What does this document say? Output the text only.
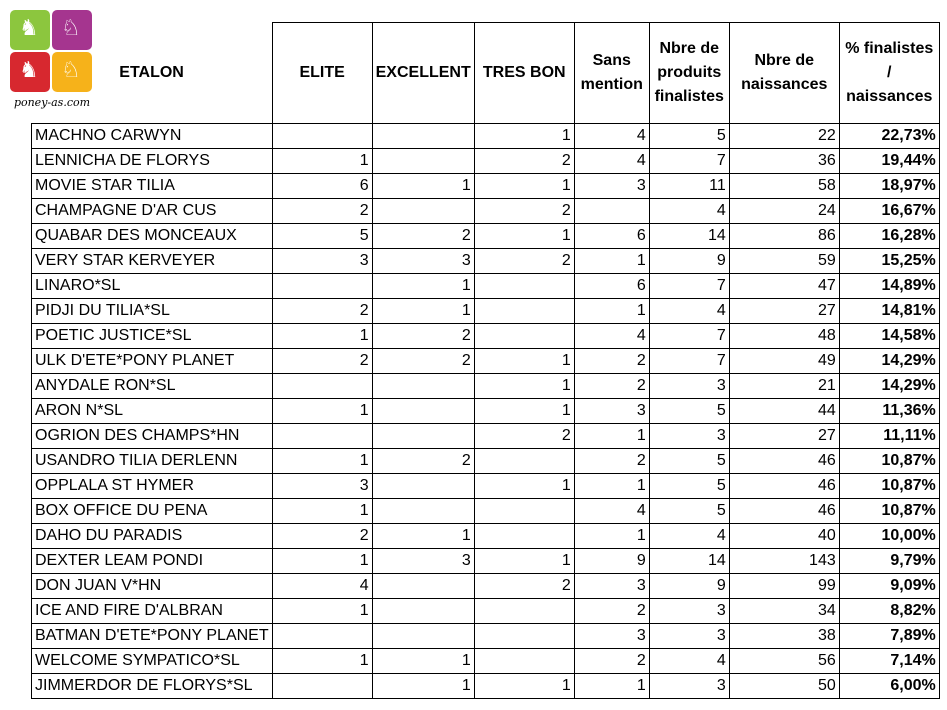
♞ ♘
♞ ♘
poney-as.com
ETALON	ELITE	EXCELLENT	TRES BON	Sans mention	Nbre de produits finalistes	Nbre de naissances	% finalistes / naissances
MACHNO CARWYN			1	4	5	22	22,73%
LENNICHA DE FLORYS	1		2	4	7	36	19,44%
MOVIE STAR TILIA	6	1	1	3	11	58	18,97%
CHAMPAGNE D'AR CUS	2		2		4	24	16,67%
QUABAR DES MONCEAUX	5	2	1	6	14	86	16,28%
VERY STAR KERVEYER	3	3	2	1	9	59	15,25%
LINARO*SL		1		6	7	47	14,89%
PIDJI DU TILIA*SL	2	1		1	4	27	14,81%
POETIC JUSTICE*SL	1	2		4	7	48	14,58%
ULK D'ETE*PONY PLANET	2	2	1	2	7	49	14,29%
ANYDALE RON*SL			1	2	3	21	14,29%
ARON N*SL	1		1	3	5	44	11,36%
OGRION DES CHAMPS*HN			2	1	3	27	11,11%
USANDRO TILIA DERLENN	1	2		2	5	46	10,87%
OPPLALA ST HYMER	3		1	1	5	46	10,87%
BOX OFFICE DU PENA	1			4	5	46	10,87%
DAHO DU PARADIS	2	1		1	4	40	10,00%
DEXTER LEAM PONDI	1	3	1	9	14	143	9,79%
DON JUAN V*HN	4		2	3	9	99	9,09%
ICE AND FIRE D'ALBRAN	1			2	3	34	8,82%
BATMAN D'ETE*PONY PLANET				3	3	38	7,89%
WELCOME SYMPATICO*SL	1	1		2	4	56	7,14%
JIMMERDOR DE FLORYS*SL		1	1	1	3	50	6,00%
